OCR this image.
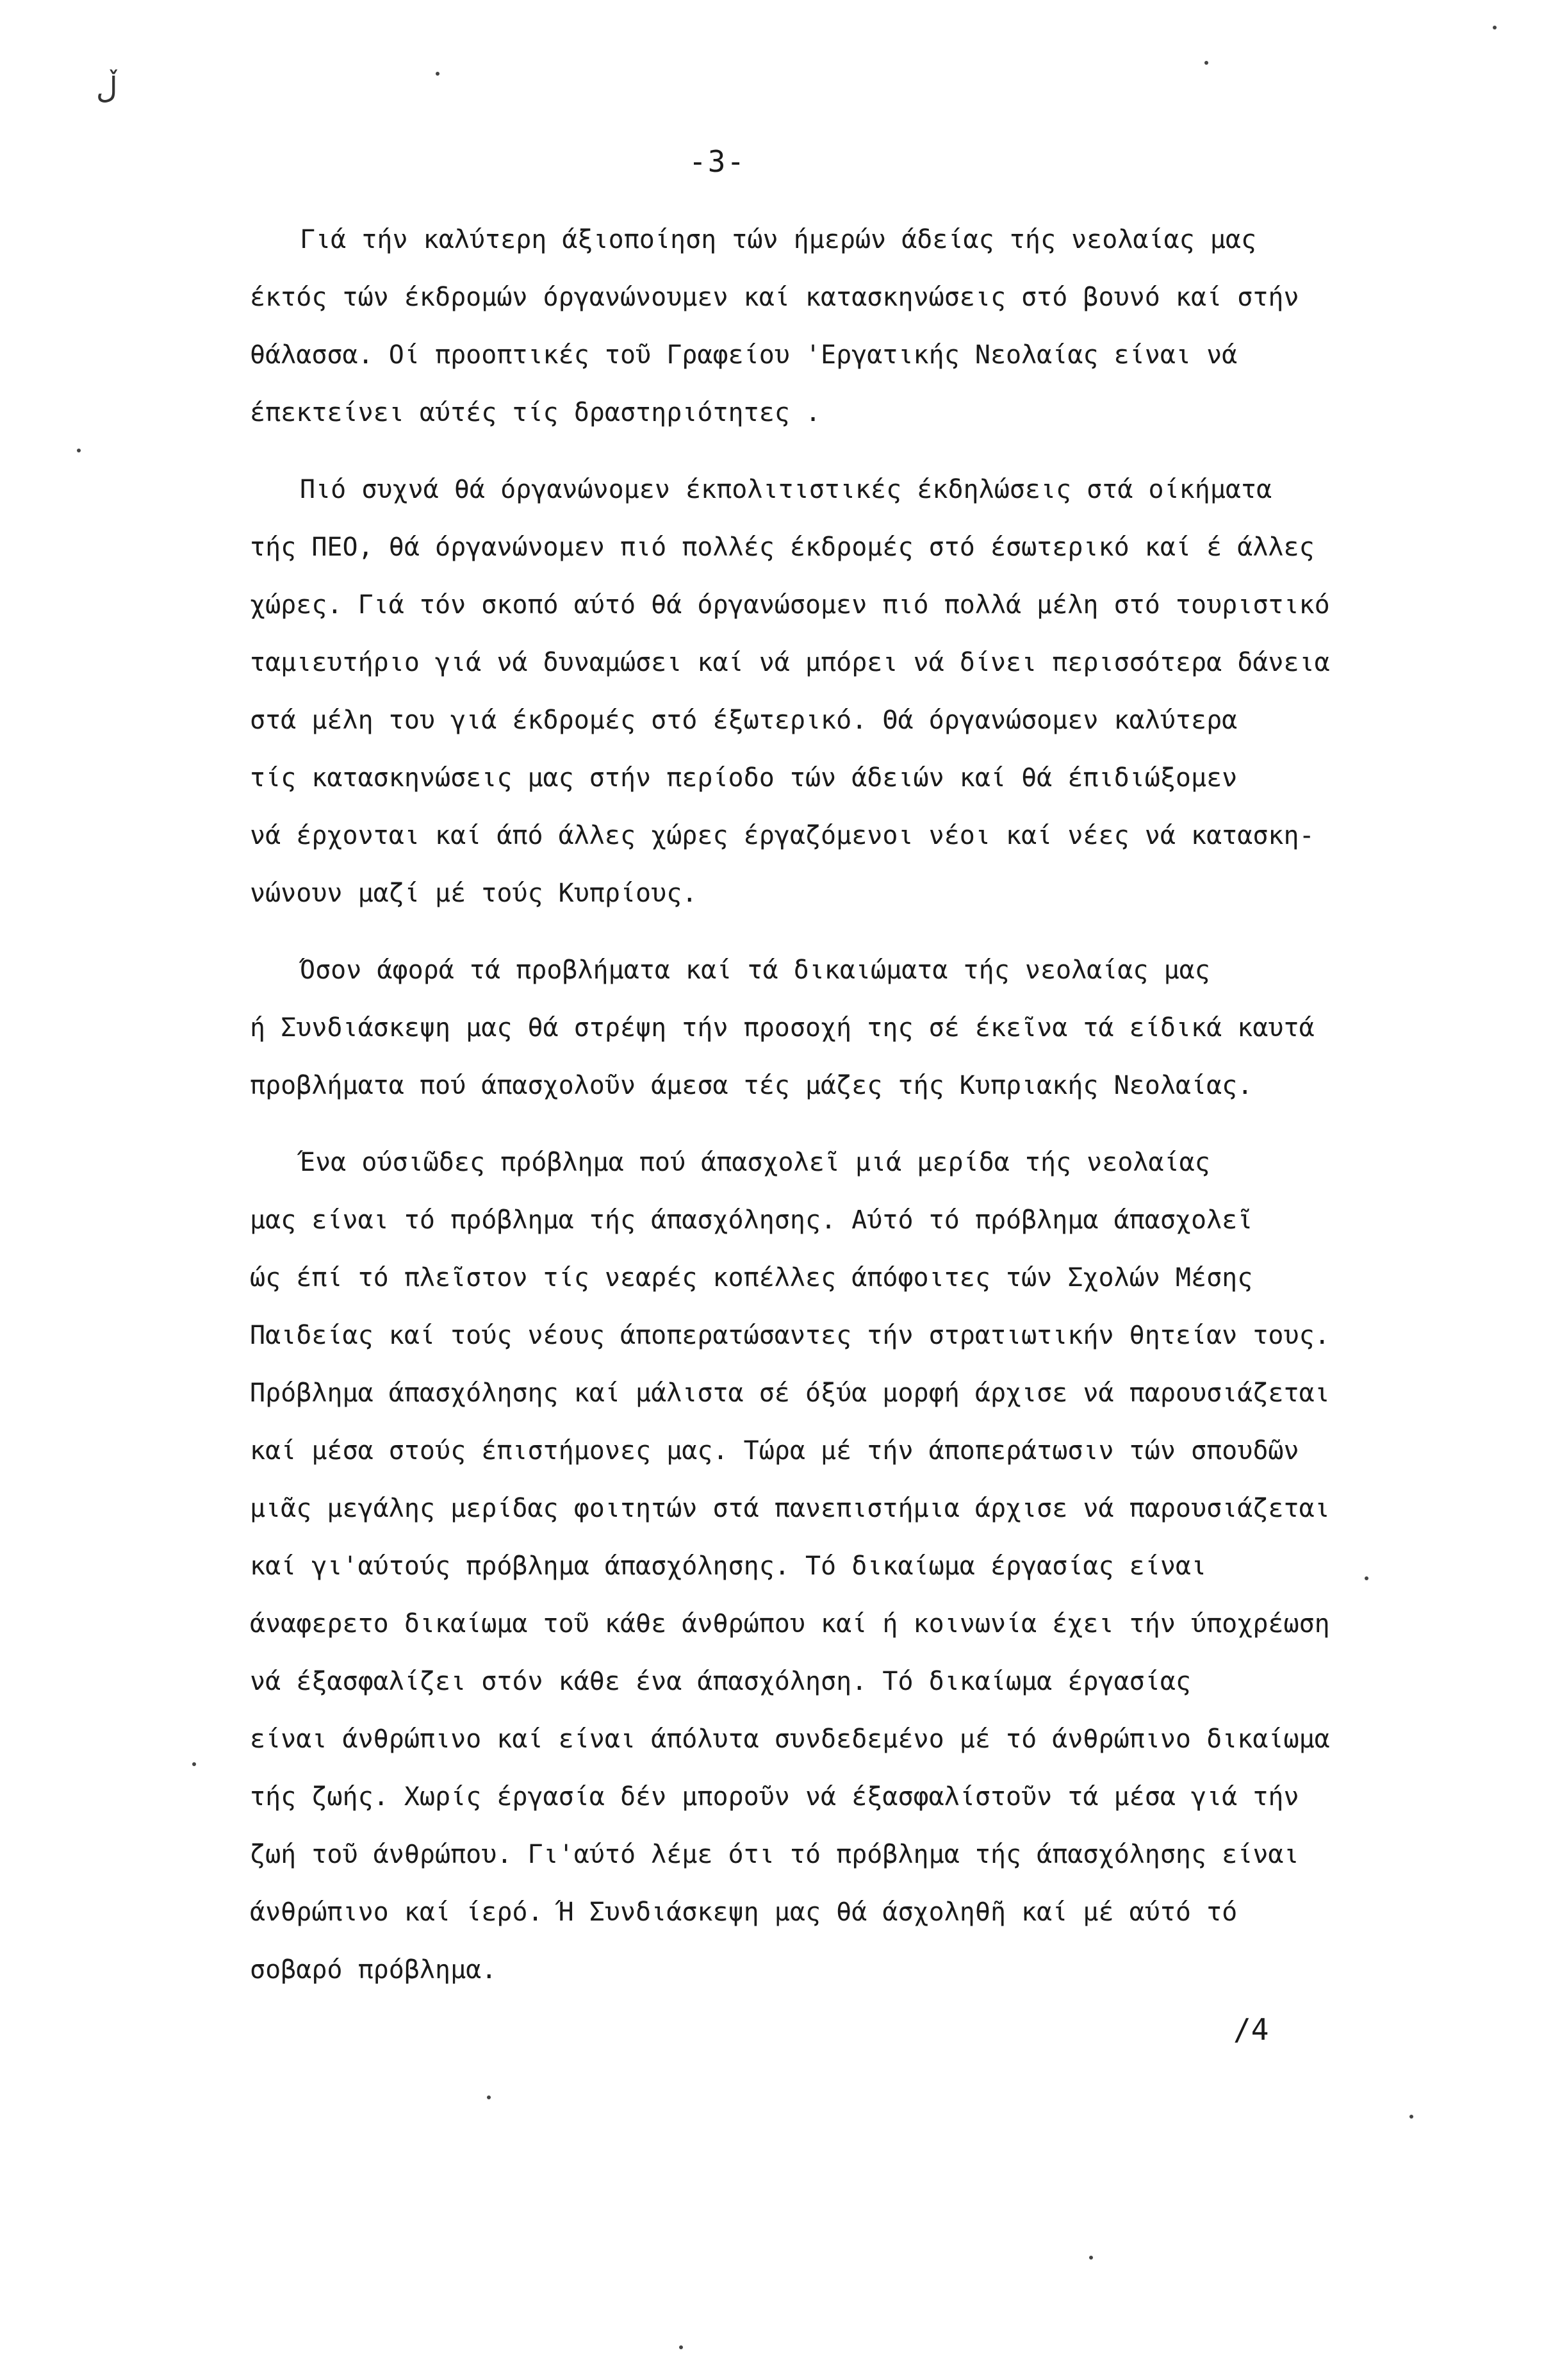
ڵ
-3-
Γιά τήν καλύτερη άξιοποίηση τών ήμερών άδείας τής νεολαίας μας
έκτός τών έκδρομών όργανώνουμεν καί κατασκηνώσεις στό βουνό καί στήν
θάλασσα. Οί προοπτικές τοῦ Γραφείου 'Εργατικής Νεολαίας είναι νά
έπεκτείνει αύτές τίς δραστηριότητες .
Πιό συχνά θά όργανώνομεν έκπολιτιστικές έκδηλώσεις στά οίκήματα
τής ΠΕΟ, θά όργανώνομεν πιό πολλές έκδρομές στό έσωτερικό καί έ άλλες
χώρες. Γιά τόν σκοπό αύτό θά όργανώσομεν πιό πολλά μέλη στό τουριστικό
ταμιευτήριο γιά νά δυναμώσει καί νά μπόρει νά δίνει περισσότερα δάνεια
στά μέλη του γιά έκδρομές στό έξωτερικό. Θά όργανώσομεν καλύτερα
τίς κατασκηνώσεις μας στήν περίοδο τών άδειών καί θά έπιδιώξομεν
νά έρχονται καί άπό άλλες χώρες έργαζόμενοι νέοι καί νέες νά κατασκη-
νώνουν μαζί μέ τούς Κυπρίους.
Όσον άφορά τά προβλήματα καί τά δικαιώματα τής νεολαίας μας
ή Συνδιάσκεψη μας θά στρέψη τήν προσοχή της σέ έκεῖνα τά είδικά καυτά
προβλήματα πού άπασχολοῦν άμεσα τές μάζες τής Κυπριακής Νεολαίας.
Ένα ούσιῶδες πρόβλημα πού άπασχολεῖ μιά μερίδα τής νεολαίας
μας είναι τό πρόβλημα τής άπασχόλησης. Αύτό τό πρόβλημα άπασχολεῖ
ώς έπί τό πλεῖστον τίς νεαρές κοπέλλες άπόφοιτες τών Σχολών Μέσης
Παιδείας καί τούς νέους άποπερατώσαντες τήν στρατιωτικήν θητείαν τους.
Πρόβλημα άπασχόλησης καί μάλιστα σέ όξύα μορφή άρχισε νά παρουσιάζεται
καί μέσα στούς έπιστήμονες μας. Τώρα μέ τήν άποπεράτωσιν τών σπουδῶν
μιᾶς μεγάλης μερίδας φοιτητών στά πανεπιστήμια άρχισε νά παρουσιάζεται
καί γι'αύτούς πρόβλημα άπασχόλησης. Τό δικαίωμα έργασίας είναι
άναφερετο δικαίωμα τοῦ κάθε άνθρώπου καί ή κοινωνία έχει τήν ύποχρέωση
νά έξασφαλίζει στόν κάθε ένα άπασχόληση. Τό δικαίωμα έργασίας
είναι άνθρώπινο καί είναι άπόλυτα συνδεδεμένο μέ τό άνθρώπινο δικαίωμα
τής ζωής. Χωρίς έργασία δέν μποροῦν νά έξασφαλίστοῦν τά μέσα γιά τήν
ζωή τοῦ άνθρώπου. Γι'αύτό λέμε ότι τό πρόβλημα τής άπασχόλησης είναι
άνθρώπινο καί ίερό. Ή Συνδιάσκεψη μας θά άσχοληθῆ καί μέ αύτό τό
σοβαρό πρόβλημα.
/4
